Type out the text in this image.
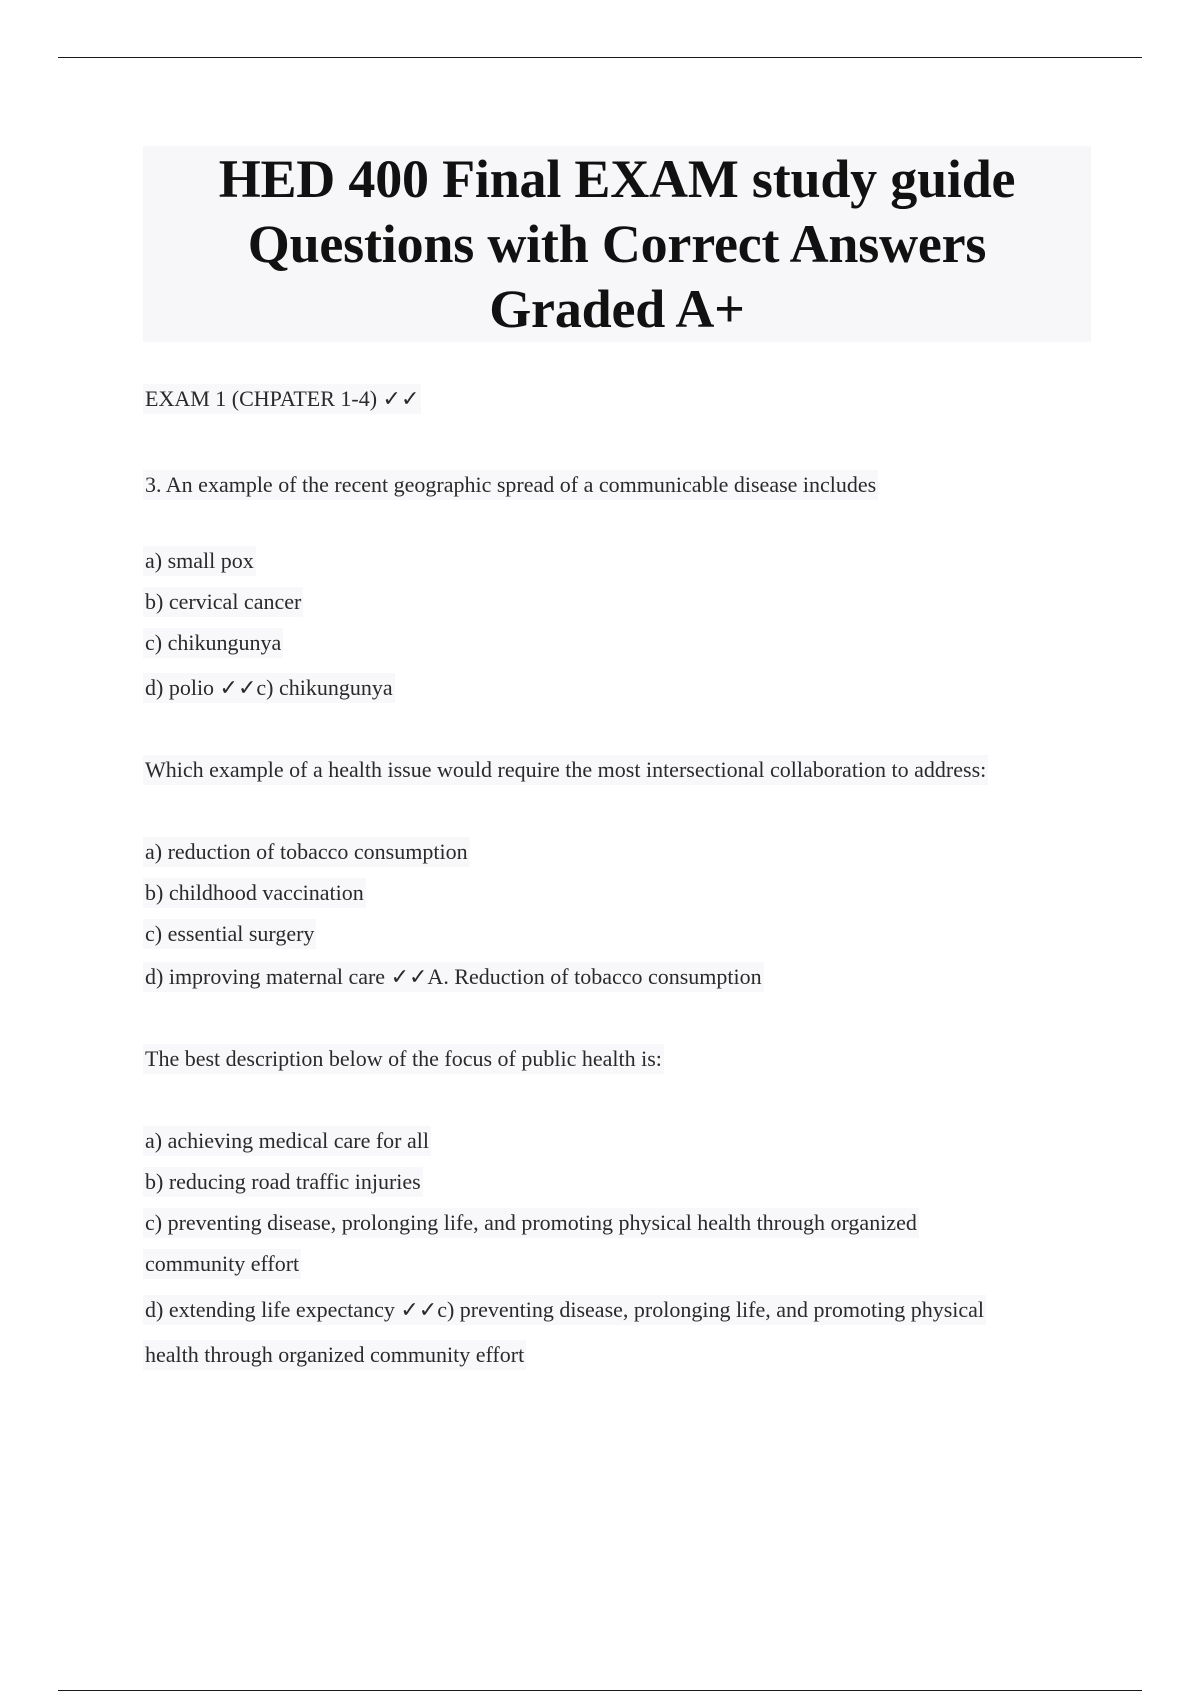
HED 400 Final EXAM study guide
Questions with Correct Answers
Graded A+
EXAM 1 (CHPATER 1-4) ✓✓
3. An example of the recent geographic spread of a communicable disease includes
a) small pox
b) cervical cancer
c) chikungunya
d) polio ✓✓c) chikungunya
Which example of a health issue would require the most intersectional collaboration to address:
a) reduction of tobacco consumption
b) childhood vaccination
c) essential surgery
d) improving maternal care ✓✓A. Reduction of tobacco consumption
The best description below of the focus of public health is:
a) achieving medical care for all
b) reducing road traffic injuries
c) preventing disease, prolonging life, and promoting physical health through organized
community effort
d) extending life expectancy ✓✓c) preventing disease, prolonging life, and promoting physical
health through organized community effort
